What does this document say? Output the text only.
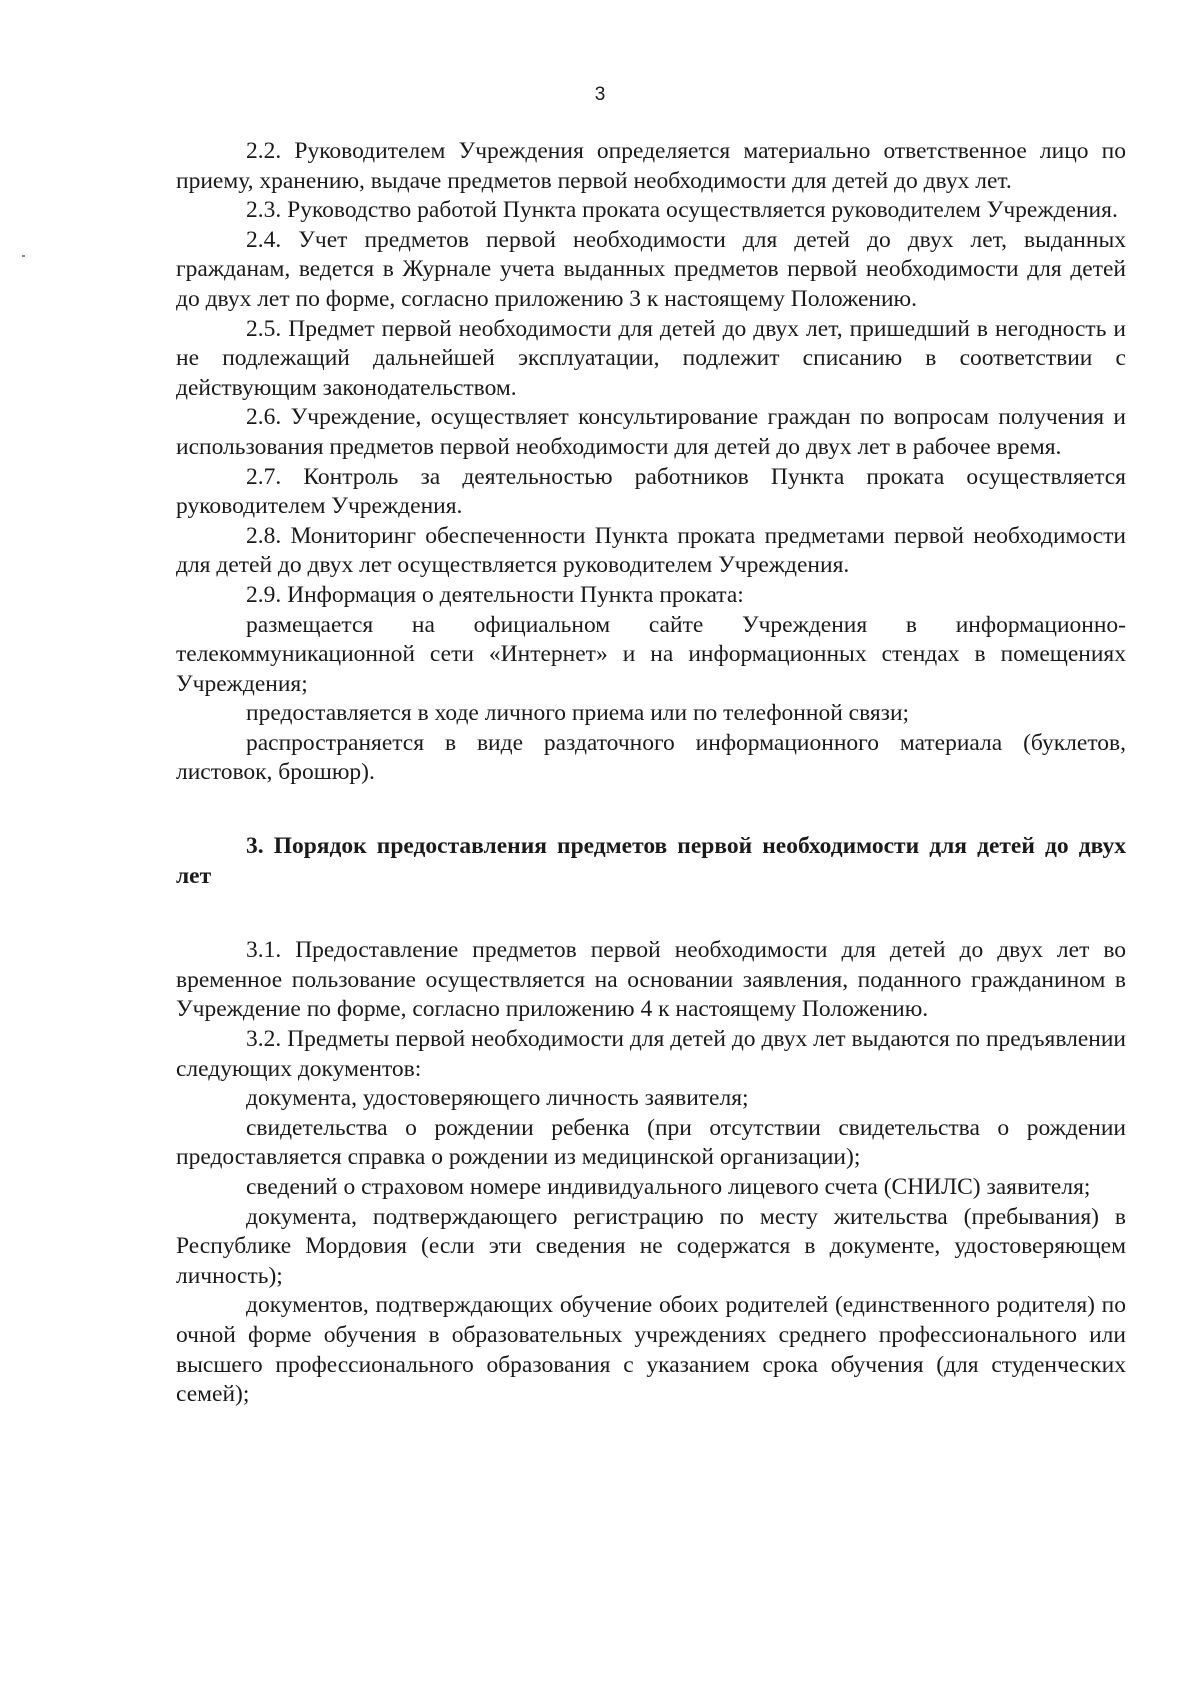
3

2.2. Руководителем Учреждения определяется материально ответственное лицо по приему, хранению, выдаче предметов первой необходимости для детей до двух лет.

2.3. Руководство работой Пункта проката осуществляется руководителем Учреждения.

2.4. Учет предметов первой необходимости для детей до двух лет, выданных гражданам, ведется в Журнале учета выданных предметов первой необходимости для детей до двух лет по форме, согласно приложению 3 к настоящему Положению.

2.5. Предмет первой необходимости для детей до двух лет, пришедший в негодность и не подлежащий дальнейшей эксплуатации, подлежит списанию в соответствии с действующим законодательством.

2.6. Учреждение, осуществляет консультирование граждан по вопросам получения и использования предметов первой необходимости для детей до двух лет в рабочее время.

2.7. Контроль за деятельностью работников Пункта проката осуществляется руководителем Учреждения.

2.8. Мониторинг обеспеченности Пункта проката предметами первой необходимости для детей до двух лет осуществляется руководителем Учреждения.

2.9. Информация о деятельности Пункта проката:

размещается на официальном сайте Учреждения в информационно-телекоммуникационной сети «Интернет» и на информационных стендах в помещениях Учреждения;

предоставляется в ходе личного приема или по телефонной связи;

распространяется в виде раздаточного информационного материала (буклетов, листовок, брошюр).

3. Порядок предоставления предметов первой необходимости для детей до двух лет

3.1. Предоставление предметов первой необходимости для детей до двух лет во временное пользование осуществляется на основании заявления, поданного гражданином в Учреждение по форме, согласно приложению 4 к настоящему Положению.

3.2. Предметы первой необходимости для детей до двух лет выдаются по предъявлении следующих документов:

документа, удостоверяющего личность заявителя;

свидетельства о рождении ребенка (при отсутствии свидетельства о рождении предоставляется справка о рождении из медицинской организации);

сведений о страховом номере индивидуального лицевого счета (СНИЛС) заявителя;

документа, подтверждающего регистрацию по месту жительства (пребывания) в Республике Мордовия (если эти сведения не содержатся в документе, удостоверяющем личность);

документов, подтверждающих обучение обоих родителей (единственного родителя) по очной форме обучения в образовательных учреждениях среднего профессионального или высшего профессионального образования с указанием срока обучения (для студенческих семей);
